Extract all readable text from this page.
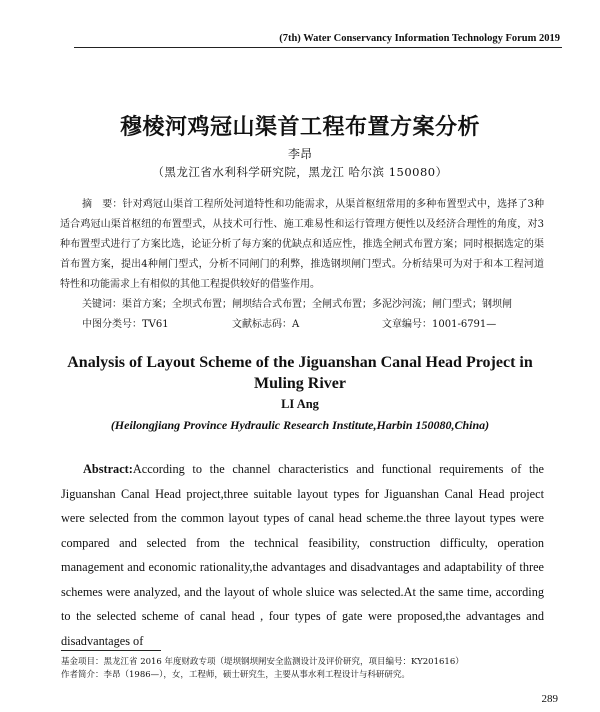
(7th) Water Conservancy Information Technology Forum 2019
穆棱河鸡冠山渠首工程布置方案分析
李昂
（黑龙江省水利科学研究院，黑龙江 哈尔滨 150080）

摘　要：针对鸡冠山渠首工程所处河道特性和功能需求，从渠首枢纽常用的多种布置型式中，选择了3种适合鸡冠山渠首枢纽的布置型式，从技术可行性、施工难易性和运行管理方便性以及经济合理性的角度，对3种布置型式进行了方案比选，论证分析了每方案的优缺点和适应性，推选全闸式布置方案；同时根据选定的渠首布置方案，提出4种闸门型式，分析不同闸门的利弊，推选钢坝闸门型式。分析结果可为对于和本工程河道特性和功能需求上有相似的其他工程提供较好的借鉴作用。

关键词：渠首方案；全坝式布置；闸坝结合式布置；全闸式布置；多泥沙河流；闸门型式；钢坝闸
中图分类号：TV61	文献标志码：A	文章编号：1001-6791—
Analysis of Layout Scheme of the Jiguanshan Canal Head Project in Muling River
LI Ang
(Heilongjiang Province Hydraulic Research Institute,Harbin 150080,China)
Abstract:According to the channel characteristics and functional requirements of the Jiguanshan Canal Head project,three suitable layout types for Jiguanshan Canal Head project were selected from the common layout types of canal head scheme.the three layout types were compared and selected from the technical feasibility, construction difficulty, operation management and economic rationality,the advantages and disadvantages and adaptability of three schemes were analyzed, and the layout of whole sluice was selected.At the same time, according to the selected scheme of canal head , four types of gate were proposed,the advantages and disadvantages of
基金项目：黑龙江省 2016 年度财政专项（堤坝钢坝闸安全监测设计及评价研究，项目编号：KY201616）
作者简介：李昂（1986—），女，工程师，硕士研究生，主要从事水利工程设计与科研研究。
289
